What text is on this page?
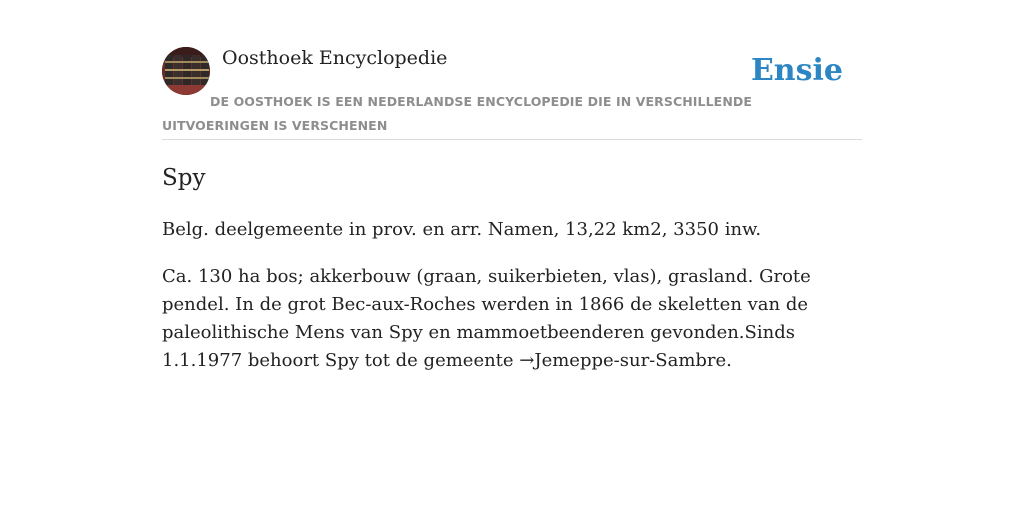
Oosthoek Encyclopedie	Ensie
DE OOSTHOEK IS EEN NEDERLANDSE ENCYCLOPEDIE DIE IN VERSCHILLENDE UITVOERINGEN IS VERSCHENEN
Spy

Belg. deelgemeente in prov. en arr. Namen, 13,22 km2, 3350 inw.

Ca. 130 ha bos; akkerbouw (graan, suikerbieten, vlas), grasland. Grote pendel. In de grot Bec-aux-Roches werden in 1866 de skeletten van de paleolithische Mens van Spy en mammoetbeenderen gevonden.Sinds 1.1.1977 behoort Spy tot de gemeente →Jemeppe-sur-Sambre.
